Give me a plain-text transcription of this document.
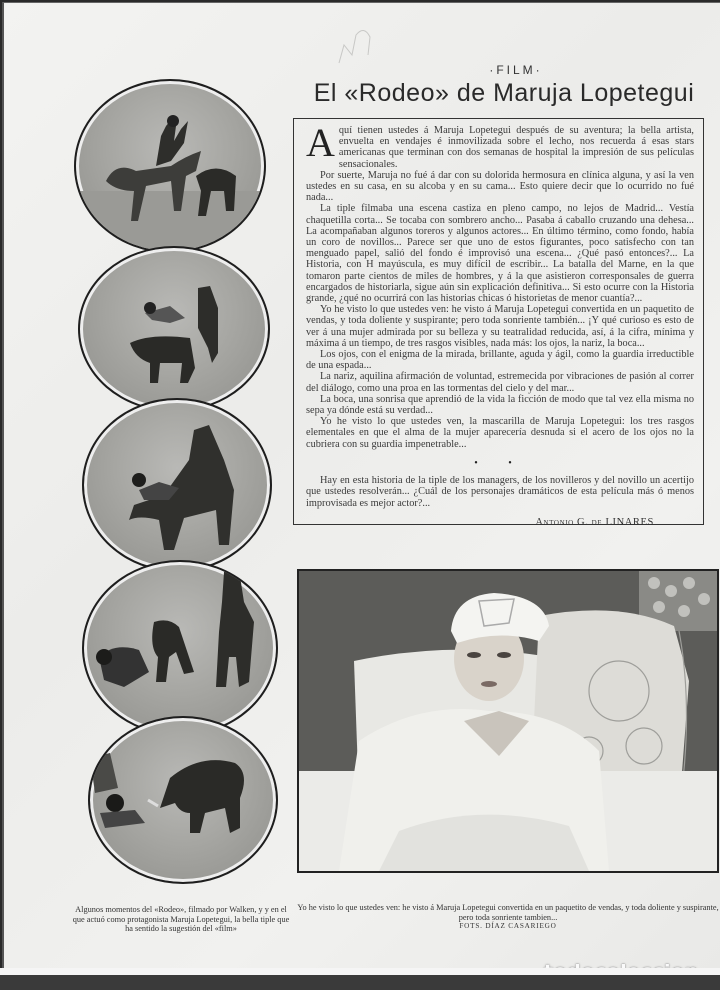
·FILM·
El «Rodeo» de Maruja Lopetegui

Aquí tienen ustedes á Maruja Lopetegui después de su aventura; la bella artista, envuelta en vendajes é inmovilizada sobre el lecho, nos recuerda á esas stars americanas que terminan con dos semanas de hospital la impresión de sus películas sensacionales.

Por suerte, Maruja no fué á dar con su dolorida hermosura en clínica alguna, y así la ven ustedes en su casa, en su alcoba y en su cama... Esto quiere decir que lo ocurrido no fué nada...

La tiple filmaba una escena castiza en pleno campo, no lejos de Madrid... Vestía chaquetilla corta... Se tocaba con sombrero ancho... Pasaba á caballo cruzando una dehesa... La acompañaban algunos toreros y algunos actores... En último término, como fondo, había un coro de novillos... Parece ser que uno de estos figurantes, poco satisfecho con tan menguado papel, salió del fondo é improvisó una escena... ¿Qué pasó entonces?... La Historia, con H mayúscula, es muy difícil de escribir... La batalla del Marne, en la que tomaron parte cientos de miles de hombres, y á la que asistieron corresponsales de guerra encargados de historiarla, sigue aún sin explicación definitiva... Si esto ocurre con la Historia grande, ¿qué no ocurrirá con las historias chicas ó historietas de menor cuantía?...

Yo he visto lo que ustedes ven: he visto á Maruja Lopetegui convertida en un paquetito de vendas, y toda doliente y suspirante; pero toda sonriente también... ¡Y qué curioso es esto de ver á una mujer admirada por su belleza y su teatralidad reducida, así, á la cifra, mínima y máxima á un tiempo, de tres rasgos visibles, nada más: los ojos, la nariz, la boca...

Los ojos, con el enigma de la mirada, brillante, aguda y ágil, como la guardia irreductible de una espada...

La nariz, aquilina afirmación de voluntad, estremecida por vibraciones de pasión al correr del diálogo, como una proa en las tormentas del cielo y del mar...

La boca, una sonrisa que aprendió de la vida la ficción de modo que tal vez ella misma no sepa ya dónde está su verdad...

Yo he visto lo que ustedes ven, la mascarilla de Maruja Lopetegui: los tres rasgos elementales en que el alma de la mujer aparecería desnuda si el acero de los ojos no la cubriera con su guardia impenetrable...

• •

Hay en esta historia de la tiple de los managers, de los novilleros y del novillo un acertijo que ustedes resolverán... ¿Cuál de los personajes dramáticos de esta película más ó menos improvisada es mejor actor?...

Antonio G. de LINARES
Algunos momentos del «Rodeo», filmado por Walken, y y en el que actuó como protagonista Maruja Lopetegui, la bella tiple que ha sentido la sugestión del «film»
Yo he visto lo que ustedes ven: he visto á Maruja Lopetegui convertida en un paquetito de vendas, y toda doliente y suspirante, pero toda sonriente tambien...
FOTS. DÍAZ CASARIEGO
